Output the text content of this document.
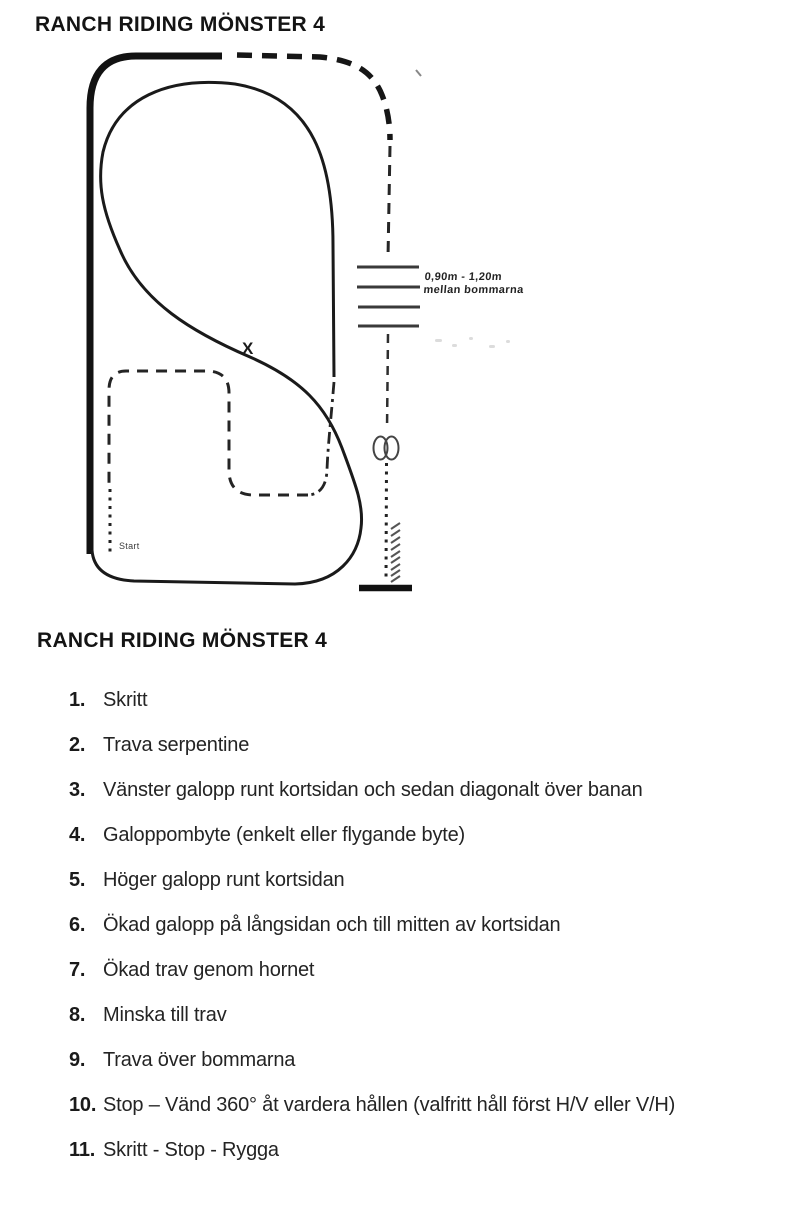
RANCH RIDING MÖNSTER 4
X
Start
0,90m - 1,20m
mellan bommarna
RANCH RIDING MÖNSTER 4
1. Skritt
2. Trava serpentine
3. Vänster galopp runt kortsidan och sedan diagonalt över banan
4. Galoppombyte (enkelt eller flygande byte)
5. Höger galopp runt kortsidan
6. Ökad galopp på långsidan och till mitten av kortsidan
7. Ökad trav genom hornet
8. Minska till trav
9. Trava över bommarna
10. Stop – Vänd 360° åt vardera hållen (valfritt håll först H/V eller V/H)
11. Skritt - Stop - Rygga
